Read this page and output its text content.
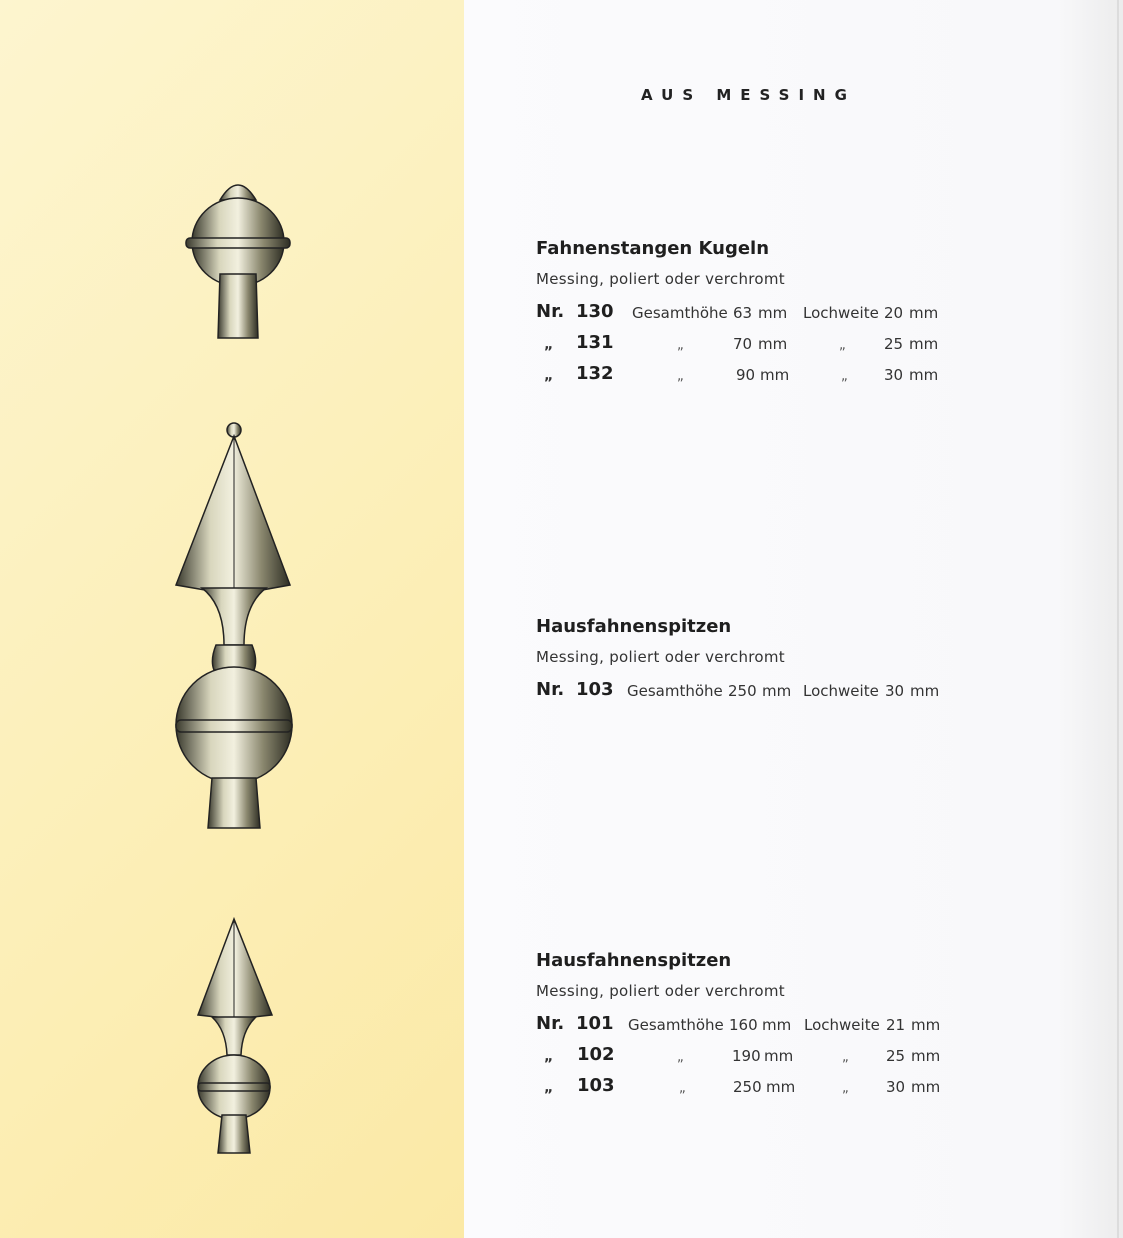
AUS MESSING
Fahnenstangen Kugeln
Messing, poliert oder verchromt
Nr. 130 Gesamthöhe 63 mm Lochweite 20 mm
„ 131	„	70 mm	„	25 mm
„ 132	„	90 mm	„ 30 mm
Hausfahnenspitzen
Messing, poliert oder verchromt
Nr. 103 Gesamthöhe 250 mm Lochweite 30 mm
Hausfahnenspitzen
Messing, poliert oder verchromt
Nr. 101 Gesamthöhe 160 mm Lochweite 21 mm
„ 102	„	190 mm	„ 25 mm
„ 103	„	250 mm	„ 30 mm
